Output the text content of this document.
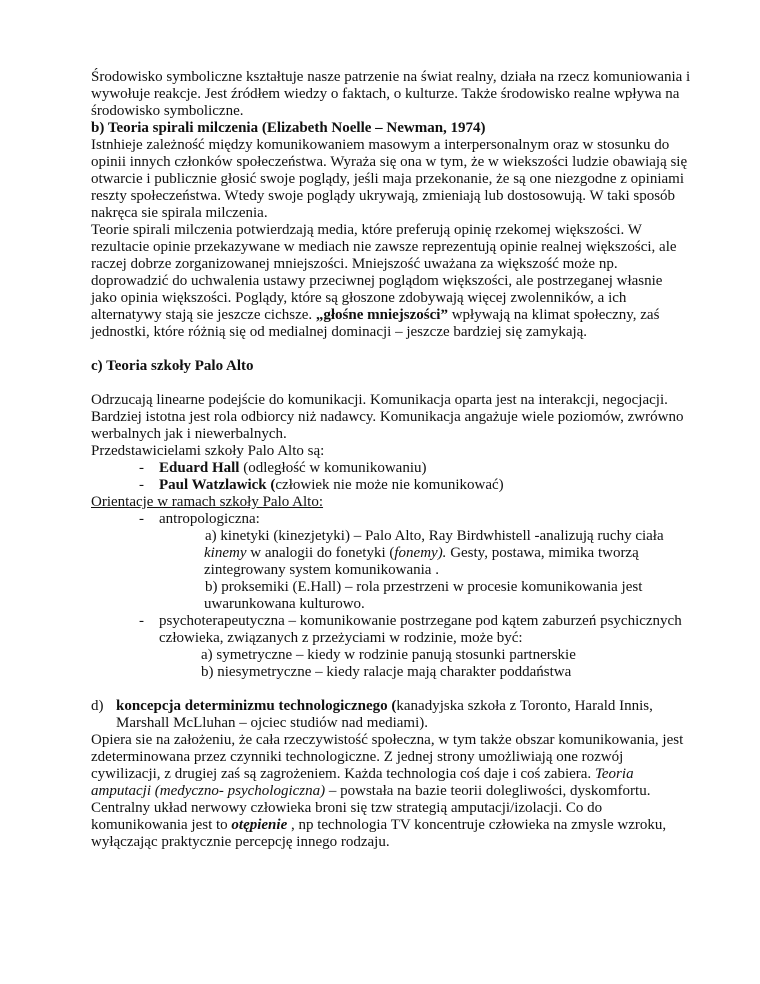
Środowisko symboliczne kształtuje nasze patrzenie na świat realny, działa na rzecz komuniowania i
wywołuje reakcje. Jest źródłem wiedzy o faktach, o kulturze. Także środowisko realne wpływa na
środowisko symboliczne.
b) Teoria spirali milczenia (Elizabeth Noelle – Newman, 1974)
Istnhieje zależność między komunikowaniem masowym a interpersonalnym oraz w stosunku do
opinii innych członków społeczeństwa. Wyraża się ona w tym, że w wiekszości ludzie obawiają się
otwarcie i publicznie głosić swoje poglądy, jeśli maja przekonanie, że są one niezgodne z opiniami
reszty społeczeństwa. Wtedy swoje poglądy ukrywają, zmieniają lub dostosowują. W taki sposób
nakręca sie spirala milczenia.
Teorie spirali milczenia potwierdzają media, które preferują opinię rzekomej większości. W
rezultacie opinie przekazywane w mediach nie zawsze reprezentują opinie realnej większości, ale
raczej dobrze zorganizowanej mniejszości. Mniejszość uważana za większość może np.
doprowadzić do uchwalenia ustawy przeciwnej poglądom większości, ale postrzeganej własnie
jako opinia większości. Poglądy, które są głoszone zdobywają więcej zwolenników, a ich
alternatywy stają sie jeszcze cichsze. „głośne mniejszości” wpływają na klimat społeczny, zaś
jednostki, które różnią się od medialnej dominacji – jeszcze bardziej się zamykają.
c) Teoria szkoły Palo Alto
Odrzucają linearne podejście do komunikacji. Komunikacja oparta jest na interakcji, negocjacji.
Bardziej istotna jest rola odbiorcy niż nadawcy. Komunikacja angażuje wiele poziomów, zwrówno
werbalnych jak i niewerbalnych.
Przedstawicielami szkoły Palo Alto są:
- Eduard Hall (odległość w komunikowaniu)
- Paul Watzlawick (człowiek nie może nie komunikować)
Orientacje w ramach szkoły Palo Alto:
- antropologiczna:
a) kinetyki (kinezjetyki) – Palo Alto, Ray Birdwhistell -analizują ruchy ciała
kinemy w analogii do fonetyki (fonemy). Gesty, postawa, mimika tworzą
zintegrowany system komunikowania .
b) proksemiki (E.Hall) – rola przestrzeni w procesie komunikowania jest
uwarunkowana kulturowo.
- psychoterapeutyczna – komunikowanie postrzegane pod kątem zaburzeń psychicznych
człowieka, związanych z przeżyciami w rodzinie, może być:
a) symetryczne – kiedy w rodzinie panują stosunki partnerskie
b) niesymetryczne – kiedy ralacje mają charakter poddaństwa
d) koncepcja determinizmu technologicznego (kanadyjska szkoła z Toronto, Harald Innis,
Marshall McLluhan – ojciec studiów nad mediami).
Opiera sie na założeniu, że cała rzeczywistość społeczna, w tym także obszar komunikowania, jest
zdeterminowana przez czynniki technologiczne. Z jednej strony umożliwiają one rozwój
cywilizacji, z drugiej zaś są zagrożeniem. Każda technologia coś daje i coś zabiera. Teoria
amputacji (medyczno- psychologiczna) – powstała na bazie teorii dolegliwości, dyskomfortu.
Centralny układ nerwowy człowieka broni się tzw strategią amputacji/izolacji. Co do
komunikowania jest to otępienie , np technologia TV koncentruje człowieka na zmysle wzroku,
wyłączając praktycznie percepcję innego rodzaju.
